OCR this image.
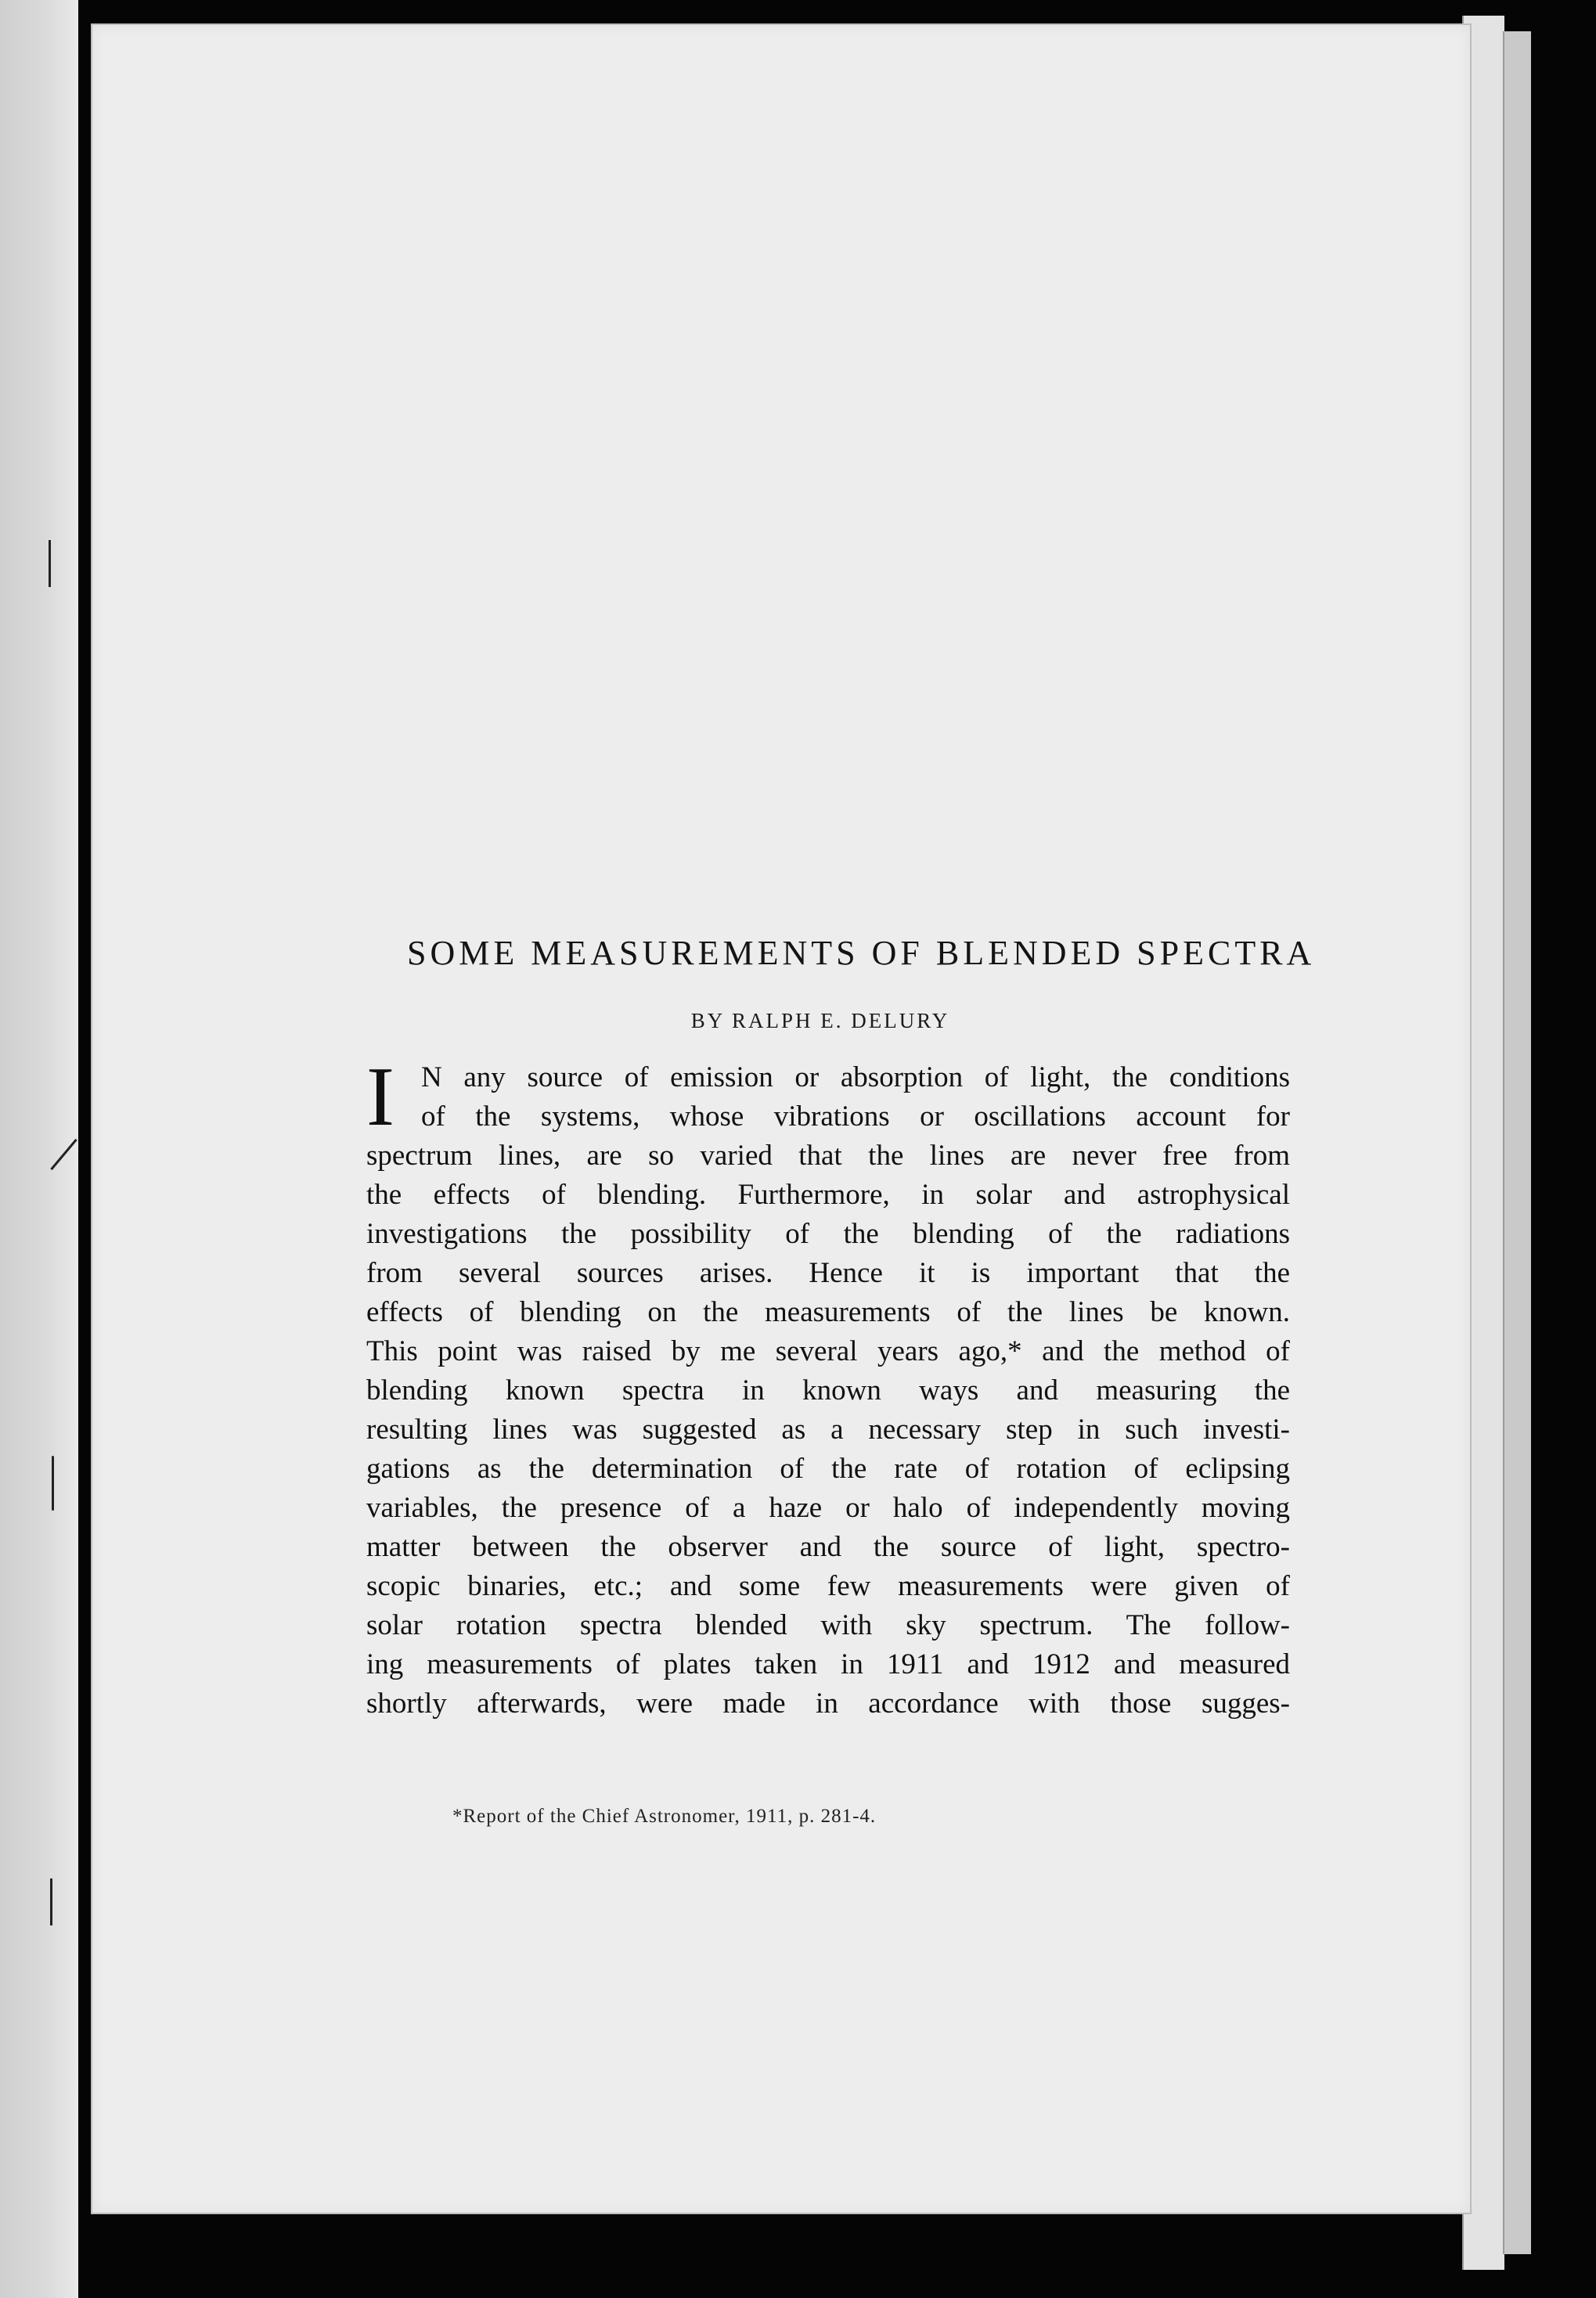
SOME MEASUREMENTS OF BLENDED SPECTRA
BY RALPH E. DELURY
I N any source of emission or absorption of light, the conditions
of the systems, whose vibrations or oscillations account for
spectrum lines, are so varied that the lines are never free from
the effects of blending. Furthermore, in solar and astrophysical
investigations the possibility of the blending of the radiations
from several sources arises. Hence it is important that the
effects of blending on the measurements of the lines be known.
This point was raised by me several years ago,* and the method of
blending known spectra in known ways and measuring the
resulting lines was suggested as a necessary step in such investi-
gations as the determination of the rate of rotation of eclipsing
variables, the presence of a haze or halo of independently moving
matter between the observer and the source of light, spectro-
scopic binaries, etc.; and some few measurements were given of
solar rotation spectra blended with sky spectrum. The follow-
ing measurements of plates taken in 1911 and 1912 and measured
shortly afterwards, were made in accordance with those sugges-
*Report of the Chief Astronomer, 1911, p. 281-4.
